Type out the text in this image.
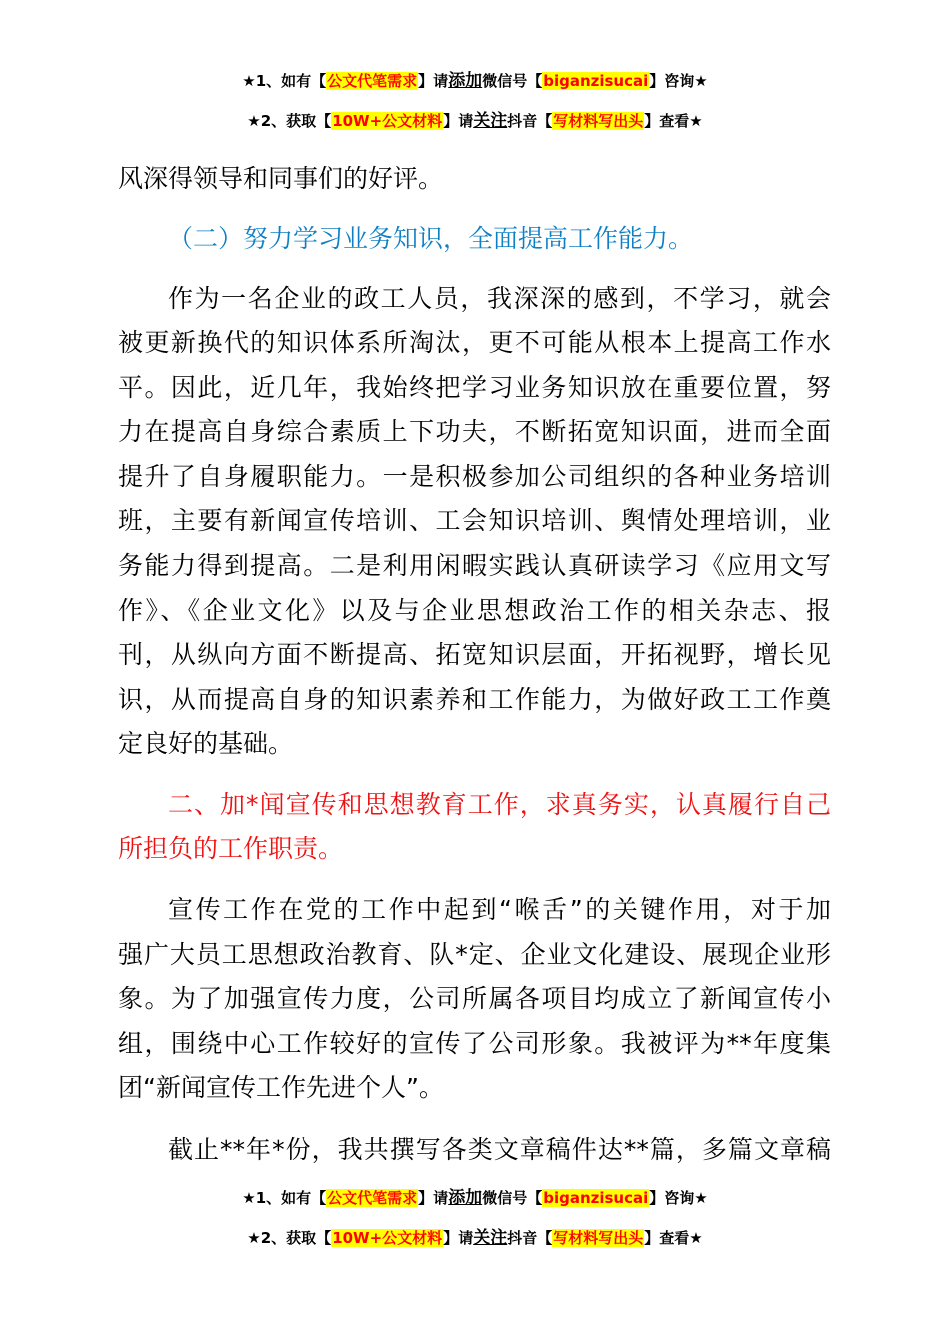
★1、如有【公文代笔需求】请添加微信号【biganzisucai】咨询★
★2、获取【10W+公文材料】请关注抖音【写材料写出头】查看★
风深得领导和同事们的好评。
（二）努力学习业务知识，全面提高工作能力。
作为一名企业的政工人员，我深深的感到，不学习，就会
被更新换代的知识体系所淘汰，更不可能从根本上提高工作水
平。因此，近几年，我始终把学习业务知识放在重要位置，努
力在提高自身综合素质上下功夫，不断拓宽知识面，进而全面
提升了自身履职能力。一是积极参加公司组织的各种业务培训
班，主要有新闻宣传培训、工会知识培训、舆情处理培训，业
务能力得到提高。二是利用闲暇实践认真研读学习《应用文写
作》、《企业文化》以及与企业思想政治工作的相关杂志、报
刊，从纵向方面不断提高、拓宽知识层面，开拓视野，增长见
识，从而提高自身的知识素养和工作能力，为做好政工工作奠
定良好的基础。
二、加*闻宣传和思想教育工作，求真务实，认真履行自己
所担负的工作职责。
宣传工作在党的工作中起到“喉舌”的关键作用，对于加
强广大员工思想政治教育、队*定、企业文化建设、展现企业形
象。为了加强宣传力度，公司所属各项目均成立了新闻宣传小
组，围绕中心工作较好的宣传了公司形象。我被评为**年度集
团“新闻宣传工作先进个人”。
截止**年*份，我共撰写各类文章稿件达**篇，多篇文章稿
★1、如有【公文代笔需求】请添加微信号【biganzisucai】咨询★
★2、获取【10W+公文材料】请关注抖音【写材料写出头】查看★
